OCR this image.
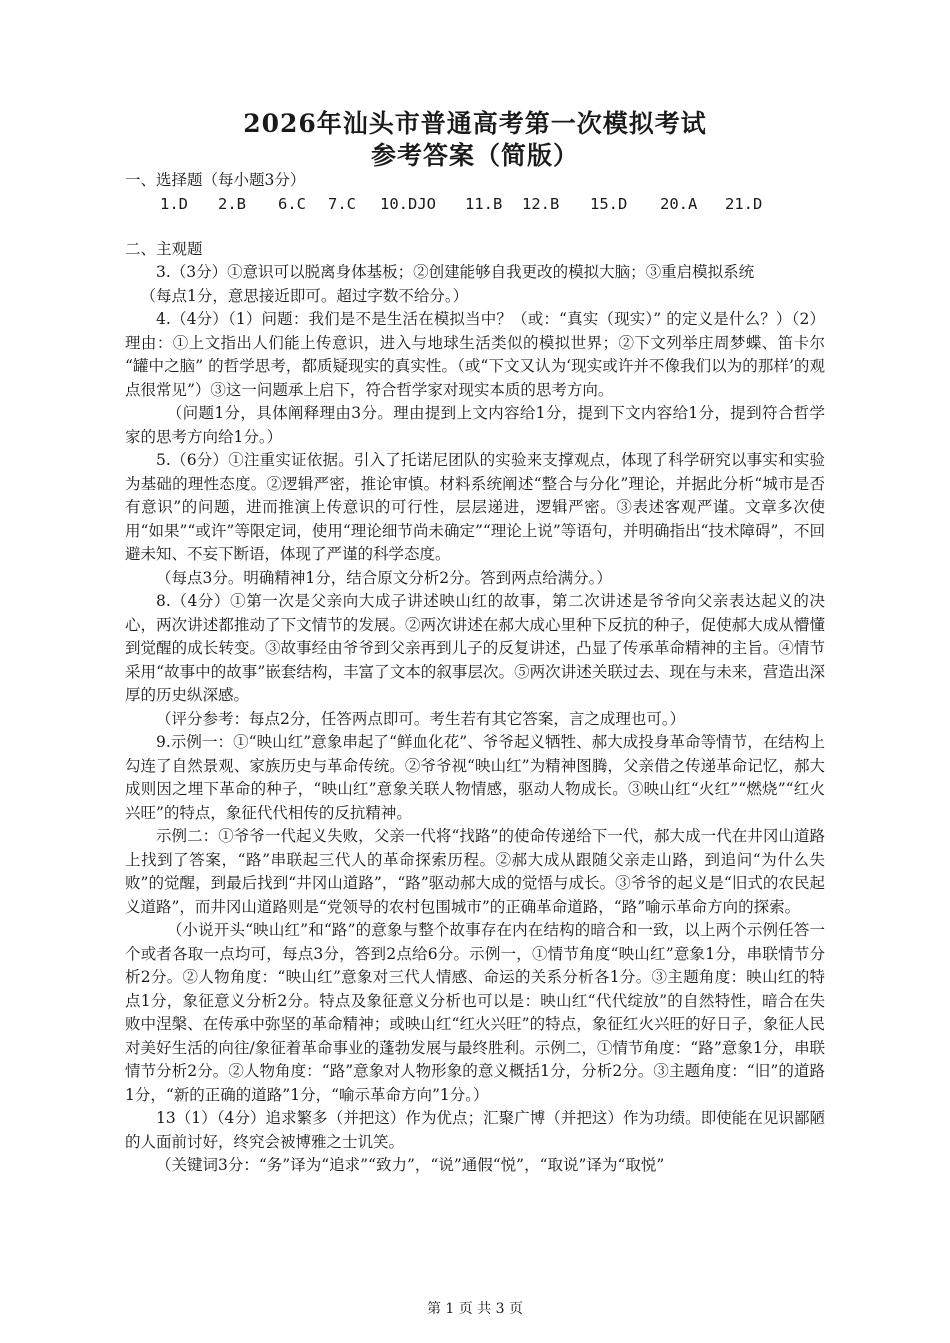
2026年汕头市普通高考第一次模拟考试
参考答案（简版）
一、选择题（每小题3分）
1.D 2.B 6.C 7.C 10.DJO 11.B 12.B 15.D 20.A 21.D
二、主观题

3.（3分）①意识可以脱离身体基板；②创建能够自我更改的模拟大脑；③重启模拟系统

（每点1分，意思接近即可。超过字数不给分。）

4.（4分）（1）问题：我们是不是生活在模拟当中？（或：“真实（现实）” 的定义是什么？）（2）理由：①上文指出人们能上传意识，进入与地球生活类似的模拟世界；②下文列举庄周梦蝶、笛卡尔 “罐中之脑” 的哲学思考，都质疑现实的真实性。（或“下文又认为‘现实或许并不像我们以为的那样’的观点很常见”）③这一问题承上启下，符合哲学家对现实本质的思考方向。

（问题1分，具体阐释理由3分。理由提到上文内容给1分，提到下文内容给1分，提到符合哲学家的思考方向给1分。）

5.（6分）①注重实证依据。引入了托诺尼团队的实验来支撑观点，体现了科学研究以事实和实验为基础的理性态度。②逻辑严密，推论审慎。材料系统阐述“整合与分化”理论，并据此分析“城市是否有意识”的问题，进而推演上传意识的可行性，层层递进，逻辑严密。③表述客观严谨。文章多次使用“如果”“或许”等限定词，使用“理论细节尚未确定”“理论上说”等语句，并明确指出“技术障碍”，不回避未知、不妄下断语，体现了严谨的科学态度。

（每点3分。明确精神1分，结合原文分析2分。答到两点给满分。）

8.（4分）①第一次是父亲向大成子讲述映山红的故事，第二次讲述是爷爷向父亲表达起义的决心，两次讲述都推动了下文情节的发展。②两次讲述在郝大成心里种下反抗的种子，促使郝大成从懵懂到觉醒的成长转变。③故事经由爷爷到父亲再到儿子的反复讲述，凸显了传承革命精神的主旨。④情节采用“故事中的故事”嵌套结构，丰富了文本的叙事层次。⑤两次讲述关联过去、现在与未来，营造出深厚的历史纵深感。

（评分参考：每点2分，任答两点即可。考生若有其它答案，言之成理也可。）

9.示例一：①“映山红”意象串起了“鲜血化花”、爷爷起义牺牲、郝大成投身革命等情节，在结构上勾连了自然景观、家族历史与革命传统。②爷爷视“映山红”为精神图腾，父亲借之传递革命记忆，郝大成则因之埋下革命的种子，“映山红”意象关联人物情感，驱动人物成长。③映山红“火红”“燃烧”“红火兴旺”的特点，象征代代相传的反抗精神。

示例二：①爷爷一代起义失败，父亲一代将“找路”的使命传递给下一代，郝大成一代在井冈山道路上找到了答案，“路”串联起三代人的革命探索历程。②郝大成从跟随父亲走山路，到追问“为什么失败”的觉醒，到最后找到“井冈山道路”，“路”驱动郝大成的觉悟与成长。③爷爷的起义是“旧式的农民起义道路”，而井冈山道路则是“党领导的农村包围城市”的正确革命道路，“路”喻示革命方向的探索。

（小说开头“映山红”和“路”的意象与整个故事存在内在结构的暗合和一致，以上两个示例任答一个或者各取一点均可，每点3分，答到2点给6分。示例一，①情节角度“映山红”意象1分，串联情节分析2分。②人物角度：“映山红”意象对三代人情感、命运的关系分析各1分。③主题角度：映山红的特点1分，象征意义分析2分。特点及象征意义分析也可以是：映山红“代代绽放”的自然特性，暗合在失败中涅槃、在传承中弥坚的革命精神；或映山红“红火兴旺”的特点，象征红火兴旺的好日子，象征人民对美好生活的向往/象征着革命事业的蓬勃发展与最终胜利。示例二，①情节角度：“路”意象1分，串联情节分析2分。②人物角度：“路”意象对人物形象的意义概括1分，分析2分。③主题角度：“旧”的道路1分，“新的正确的道路”1分，“喻示革命方向”1分。）

13（1）（4分）追求繁多（并把这）作为优点；汇聚广博（并把这）作为功绩。即使能在见识鄙陋的人面前讨好，终究会被博雅之士讥笑。

（关键词3分：“务”译为“追求”“致力”，“说”通假“悦”，“取说”译为“取悦”

第 1 页 共 3 页
